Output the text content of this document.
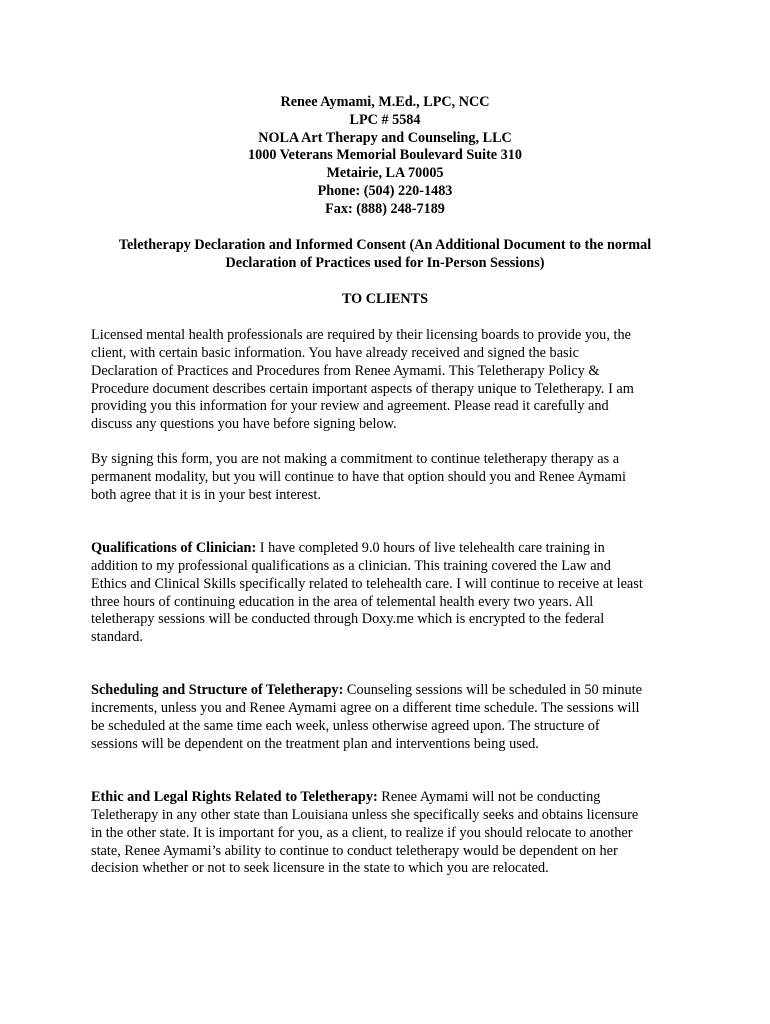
Renee Aymami, M.Ed., LPC, NCC
LPC # 5584
NOLA Art Therapy and Counseling, LLC
1000 Veterans Memorial Boulevard Suite 310
Metairie, LA 70005
Phone: (504) 220-1483
Fax: (888) 248-7189
Teletherapy Declaration and Informed Consent (An Additional Document to the normal
Declaration of Practices used for In-Person Sessions)
TO CLIENTS

Licensed mental health professionals are required by their licensing boards to provide you, the
client, with certain basic information. You have already received and signed the basic
Declaration of Practices and Procedures from Renee Aymami. This Teletherapy Policy &
Procedure document describes certain important aspects of therapy unique to Teletherapy. I am
providing you this information for your review and agreement. Please read it carefully and
discuss any questions you have before signing below.

By signing this form, you are not making a commitment to continue teletherapy therapy as a
permanent modality, but you will continue to have that option should you and Renee Aymami
both agree that it is in your best interest.

Qualifications of Clinician: I have completed 9.0 hours of live telehealth care training in
addition to my professional qualifications as a clinician. This training covered the Law and
Ethics and Clinical Skills specifically related to telehealth care. I will continue to receive at least
three hours of continuing education in the area of telemental health every two years. All
teletherapy sessions will be conducted through Doxy.me which is encrypted to the federal
standard.

Scheduling and Structure of Teletherapy: Counseling sessions will be scheduled in 50 minute
increments, unless you and Renee Aymami agree on a different time schedule. The sessions will
be scheduled at the same time each week, unless otherwise agreed upon. The structure of
sessions will be dependent on the treatment plan and interventions being used.

Ethic and Legal Rights Related to Teletherapy: Renee Aymami will not be conducting
Teletherapy in any other state than Louisiana unless she specifically seeks and obtains licensure
in the other state. It is important for you, as a client, to realize if you should relocate to another
state, Renee Aymami’s ability to continue to conduct teletherapy would be dependent on her
decision whether or not to seek licensure in the state to which you are relocated.
